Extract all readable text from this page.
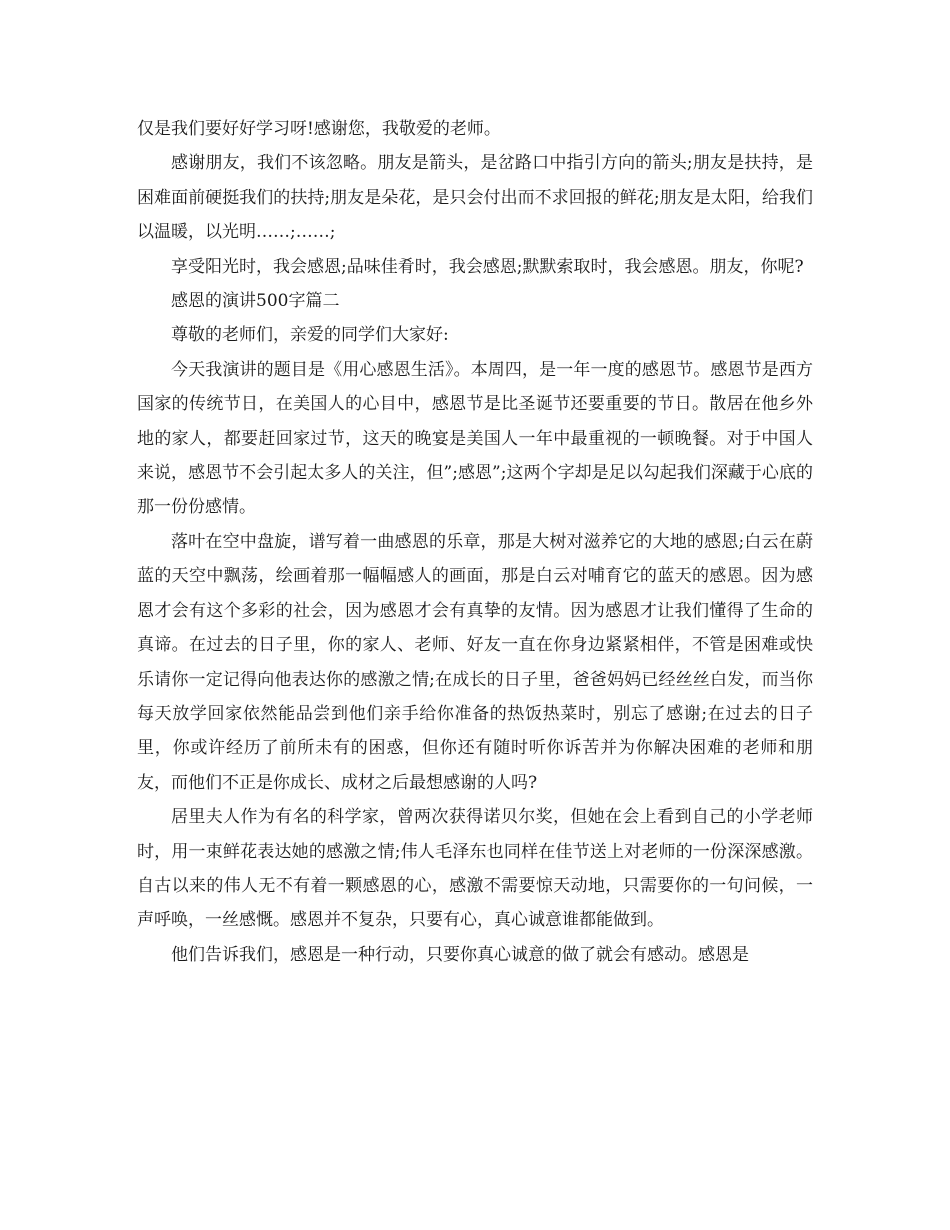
仅是我们要好好学习呀!感谢您，我敬爱的老师。

感谢朋友，我们不该忽略。朋友是箭头，是岔路口中指引方向的箭头;朋友是扶持，是困难面前硬挺我们的扶持;朋友是朵花，是只会付出而不求回报的鲜花;朋友是太阳，给我们以温暖，以光明……;……;

享受阳光时，我会感恩;品味佳肴时，我会感恩;默默索取时，我会感恩。朋友，你呢?

感恩的演讲500字篇二

尊敬的老师们，亲爱的同学们大家好:

今天我演讲的题目是《用心感恩生活》。本周四，是一年一度的感恩节。感恩节是西方国家的传统节日，在美国人的心目中，感恩节是比圣诞节还要重要的节日。散居在他乡外地的家人，都要赶回家过节，这天的晚宴是美国人一年中最重视的一顿晚餐。对于中国人来说，感恩节不会引起太多人的关注，但”;感恩”;这两个字却是足以勾起我们深藏于心底的那一份份感情。

落叶在空中盘旋，谱写着一曲感恩的乐章，那是大树对滋养它的大地的感恩;白云在蔚蓝的天空中飘荡，绘画着那一幅幅感人的画面，那是白云对哺育它的蓝天的感恩。因为感恩才会有这个多彩的社会，因为感恩才会有真挚的友情。因为感恩才让我们懂得了生命的真谛。在过去的日子里，你的家人、老师、好友一直在你身边紧紧相伴，不管是困难或快乐请你一定记得向他表达你的感激之情;在成长的日子里，爸爸妈妈已经丝丝白发，而当你每天放学回家依然能品尝到他们亲手给你准备的热饭热菜时，别忘了感谢;在过去的日子里，你或许经历了前所未有的困惑，但你还有随时听你诉苦并为你解决困难的老师和朋友，而他们不正是你成长、成材之后最想感谢的人吗?

居里夫人作为有名的科学家，曾两次获得诺贝尔奖，但她在会上看到自己的小学老师时，用一束鲜花表达她的感激之情;伟人毛泽东也同样在佳节送上对老师的一份深深感激。自古以来的伟人无不有着一颗感恩的心，感激不需要惊天动地，只需要你的一句问候，一声呼唤，一丝感慨。感恩并不复杂，只要有心，真心诚意谁都能做到。

他们告诉我们，感恩是一种行动，只要你真心诚意的做了就会有感动。感恩是
